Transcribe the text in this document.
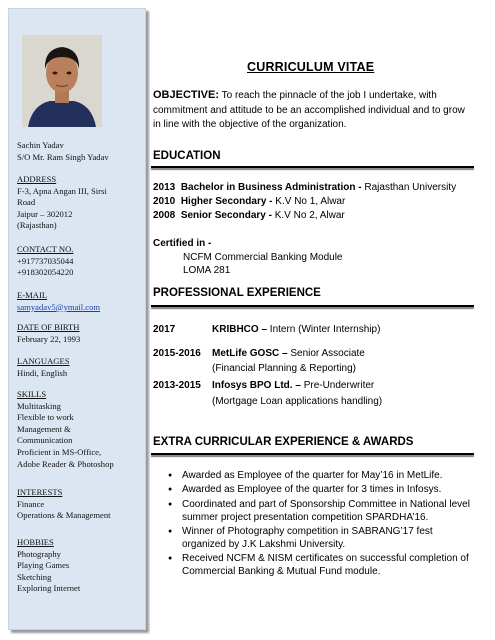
Sachin Yadav
S/O Mr. Ram Singh Yadav
ADDRESS
F-3, Apna Angan III, Sirsi
Road
Jaipur – 302012
(Rajasthan)
CONTACT NO.
+917737035044
+918302054220
E-MAIL
samyadav5@ymail.com
DATE OF BIRTH
February 22, 1993
LANGUAGES
Hindi, English
SKILLS
Multitasking
Flexible to work
Management &
Communication
Proficient in MS-Office,
Adobe Reader & Photoshop
INTERESTS
Finance
Operations & Management
HOBBIES
Photography
Playing Games
Sketching
Exploring Internet
CURRICULUM VITAE
OBJECTIVE: To reach the pinnacle of the job I undertake, with commitment and attitude to be an accomplished individual and to grow in line with the objective of the organization.
EDUCATION
2013 Bachelor in Business Administration - Rajasthan University
2010 Higher Secondary - K.V No 1, Alwar
2008 Senior Secondary - K.V No 2, Alwar
Certified in -
NCFM Commercial Banking Module
LOMA 281
PROFESSIONAL EXPERIENCE
2017	KRIBHCO – Intern (Winter Internship)
2015-2016 MetLife GOSC – Senior Associate
(Financial Planning & Reporting)
2013-2015 Infosys BPO Ltd. – Pre-Underwriter
(Mortgage Loan applications handling)
EXTRA CURRICULAR EXPERIENCE & AWARDS
● Awarded as Employee of the quarter for May’16 in MetLife.
● Awarded as Employee of the quarter for 3 times in Infosys.
● Coordinated and part of Sponsorship Committee in National level summer project presentation competition SPARDHA’16.
● Winner of Photography competition in SABRANG’17 fest organized by J.K Lakshmi University.
● Received NCFM & NISM certificates on successful completion of Commercial Banking & Mutual Fund module.
